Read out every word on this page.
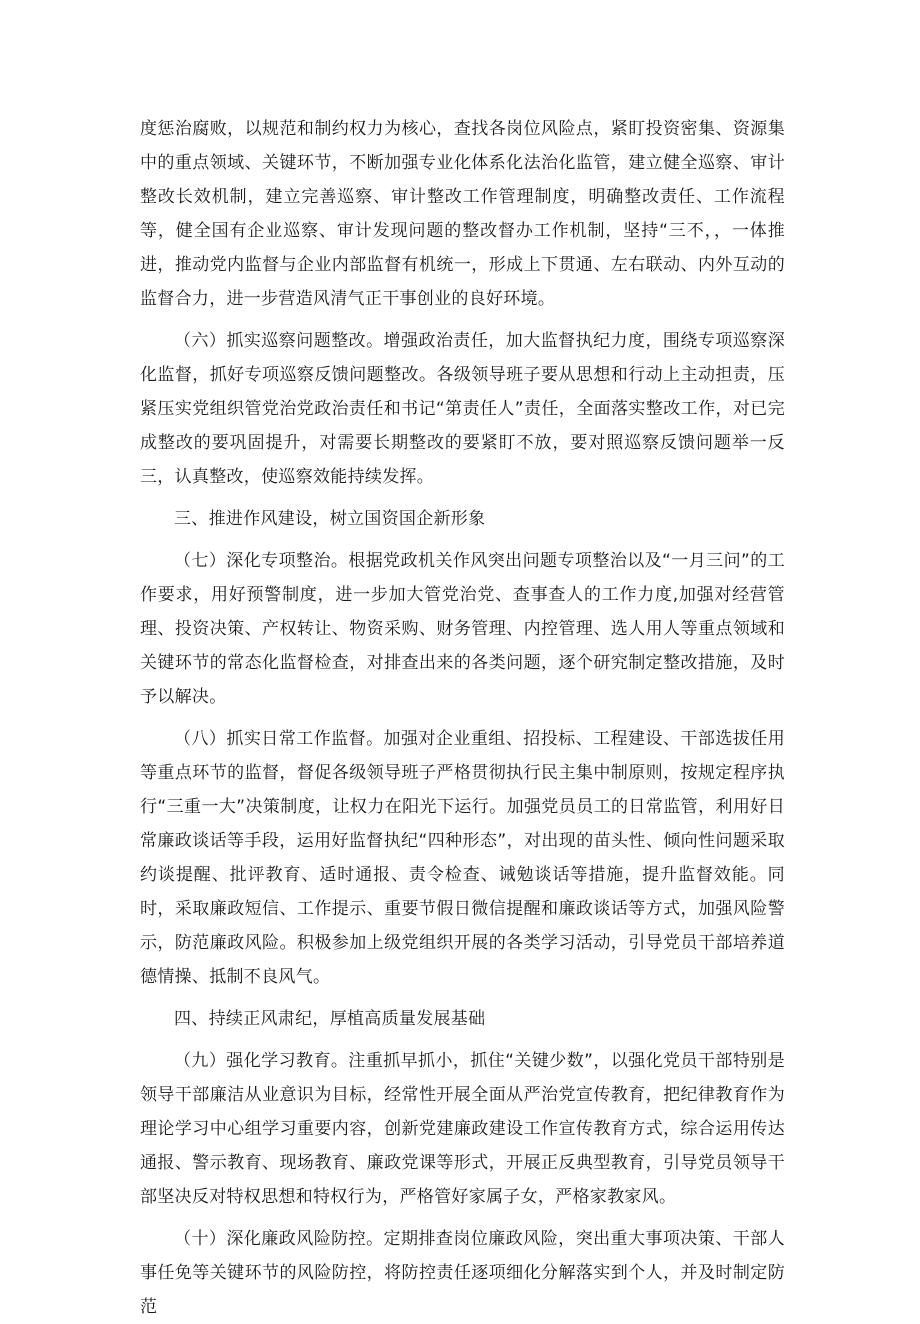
度惩治腐败，以规范和制约权力为核心，查找各岗位风险点，紧盯投资密集、资源集中的重点领域、关键环节，不断加强专业化体系化法治化监管，建立健全巡察、审计整改长效机制，建立完善巡察、审计整改工作管理制度，明确整改责任、工作流程等，健全国有企业巡察、审计发现问题的整改督办工作机制，坚持“三不，，一体推进，推动党内监督与企业内部监督有机统一，形成上下贯通、左右联动、内外互动的监督合力，进一步营造风清气正干事创业的良好环境。

（六）抓实巡察问题整改。增强政治责任，加大监督执纪力度，围绕专项巡察深化监督，抓好专项巡察反馈问题整改。各级领导班子要从思想和行动上主动担责，压紧压实党组织管党治党政治责任和书记“第责任人”责任，全面落实整改工作，对已完成整改的要巩固提升，对需要长期整改的要紧盯不放，要对照巡察反馈问题举一反三，认真整改，使巡察效能持续发挥。

三、推进作风建设，树立国资国企新形象

（七）深化专项整治。根据党政机关作风突出问题专项整治以及“一月三问”的工作要求，用好预警制度，进一步加大管党治党、查事查人的工作力度,加强对经营管理、投资决策、产权转让、物资采购、财务管理、内控管理、选人用人等重点领域和关键环节的常态化监督检查，对排查出来的各类问题，逐个研究制定整改措施，及时予以解决。

（八）抓实日常工作监督。加强对企业重组、招投标、工程建设、干部选拔任用等重点环节的监督，督促各级领导班子严格贯彻执行民主集中制原则，按规定程序执行“三重一大”决策制度，让权力在阳光下运行。加强党员员工的日常监管，利用好日常廉政谈话等手段，运用好监督执纪“四种形态”，对出现的苗头性、倾向性问题采取约谈提醒、批评教育、适时通报、责令检查、诫勉谈话等措施，提升监督效能。同时，采取廉政短信、工作提示、重要节假日微信提醒和廉政谈话等方式，加强风险警示，防范廉政风险。积极参加上级党组织开展的各类学习活动，引导党员干部培养道德情操、抵制不良风气。

四、持续正风肃纪，厚植高质量发展基础

（九）强化学习教育。注重抓早抓小，抓住“关键少数”，以强化党员干部特别是领导干部廉洁从业意识为目标，经常性开展全面从严治党宣传教育，把纪律教育作为理论学习中心组学习重要内容，创新党建廉政建设工作宣传教育方式，综合运用传达通报、警示教育、现场教育、廉政党课等形式，开展正反典型教育，引导党员领导干部坚决反对特权思想和特权行为，严格管好家属子女，严格家教家风。

（十）深化廉政风险防控。定期排查岗位廉政风险，突出重大事项决策、干部人事任免等关键环节的风险防控，将防控责任逐项细化分解落实到个人，并及时制定防范
